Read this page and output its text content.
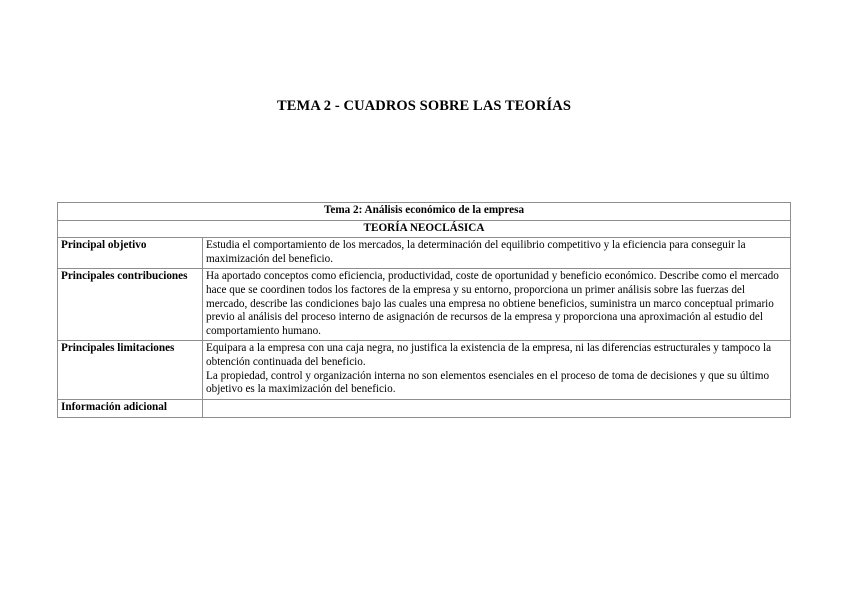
TEMA 2 - CUADROS SOBRE LAS TEORÍAS
Tema 2: Análisis económico de la empresa	
TEORÍA NEOCLÁSICA	
Principal objetivo	Estudia el comportamiento de los mercados, la determinación del equilibrio competitivo y la eficiencia para conseguir la maximización del beneficio.
Principales contribuciones	Ha aportado conceptos como eficiencia, productividad, coste de oportunidad y beneficio económico. Describe como el mercado hace que se coordinen todos los factores de la empresa y su entorno, proporciona un primer análisis sobre las fuerzas del mercado, describe las condiciones bajo las cuales una empresa no obtiene beneficios, suministra un marco conceptual primario previo al análisis del proceso interno de asignación de recursos de la empresa y proporciona una aproximación al estudio del comportamiento humano.
Principales limitaciones	Equipara a la empresa con una caja negra, no justifica la existencia de la empresa, ni las diferencias estructurales y tampoco la obtención continuada del beneficio.

La propiedad, control y organización interna no son elementos esenciales en el proceso de toma de decisiones y que su último objetivo es la maximización del beneficio.

Información adicional	
